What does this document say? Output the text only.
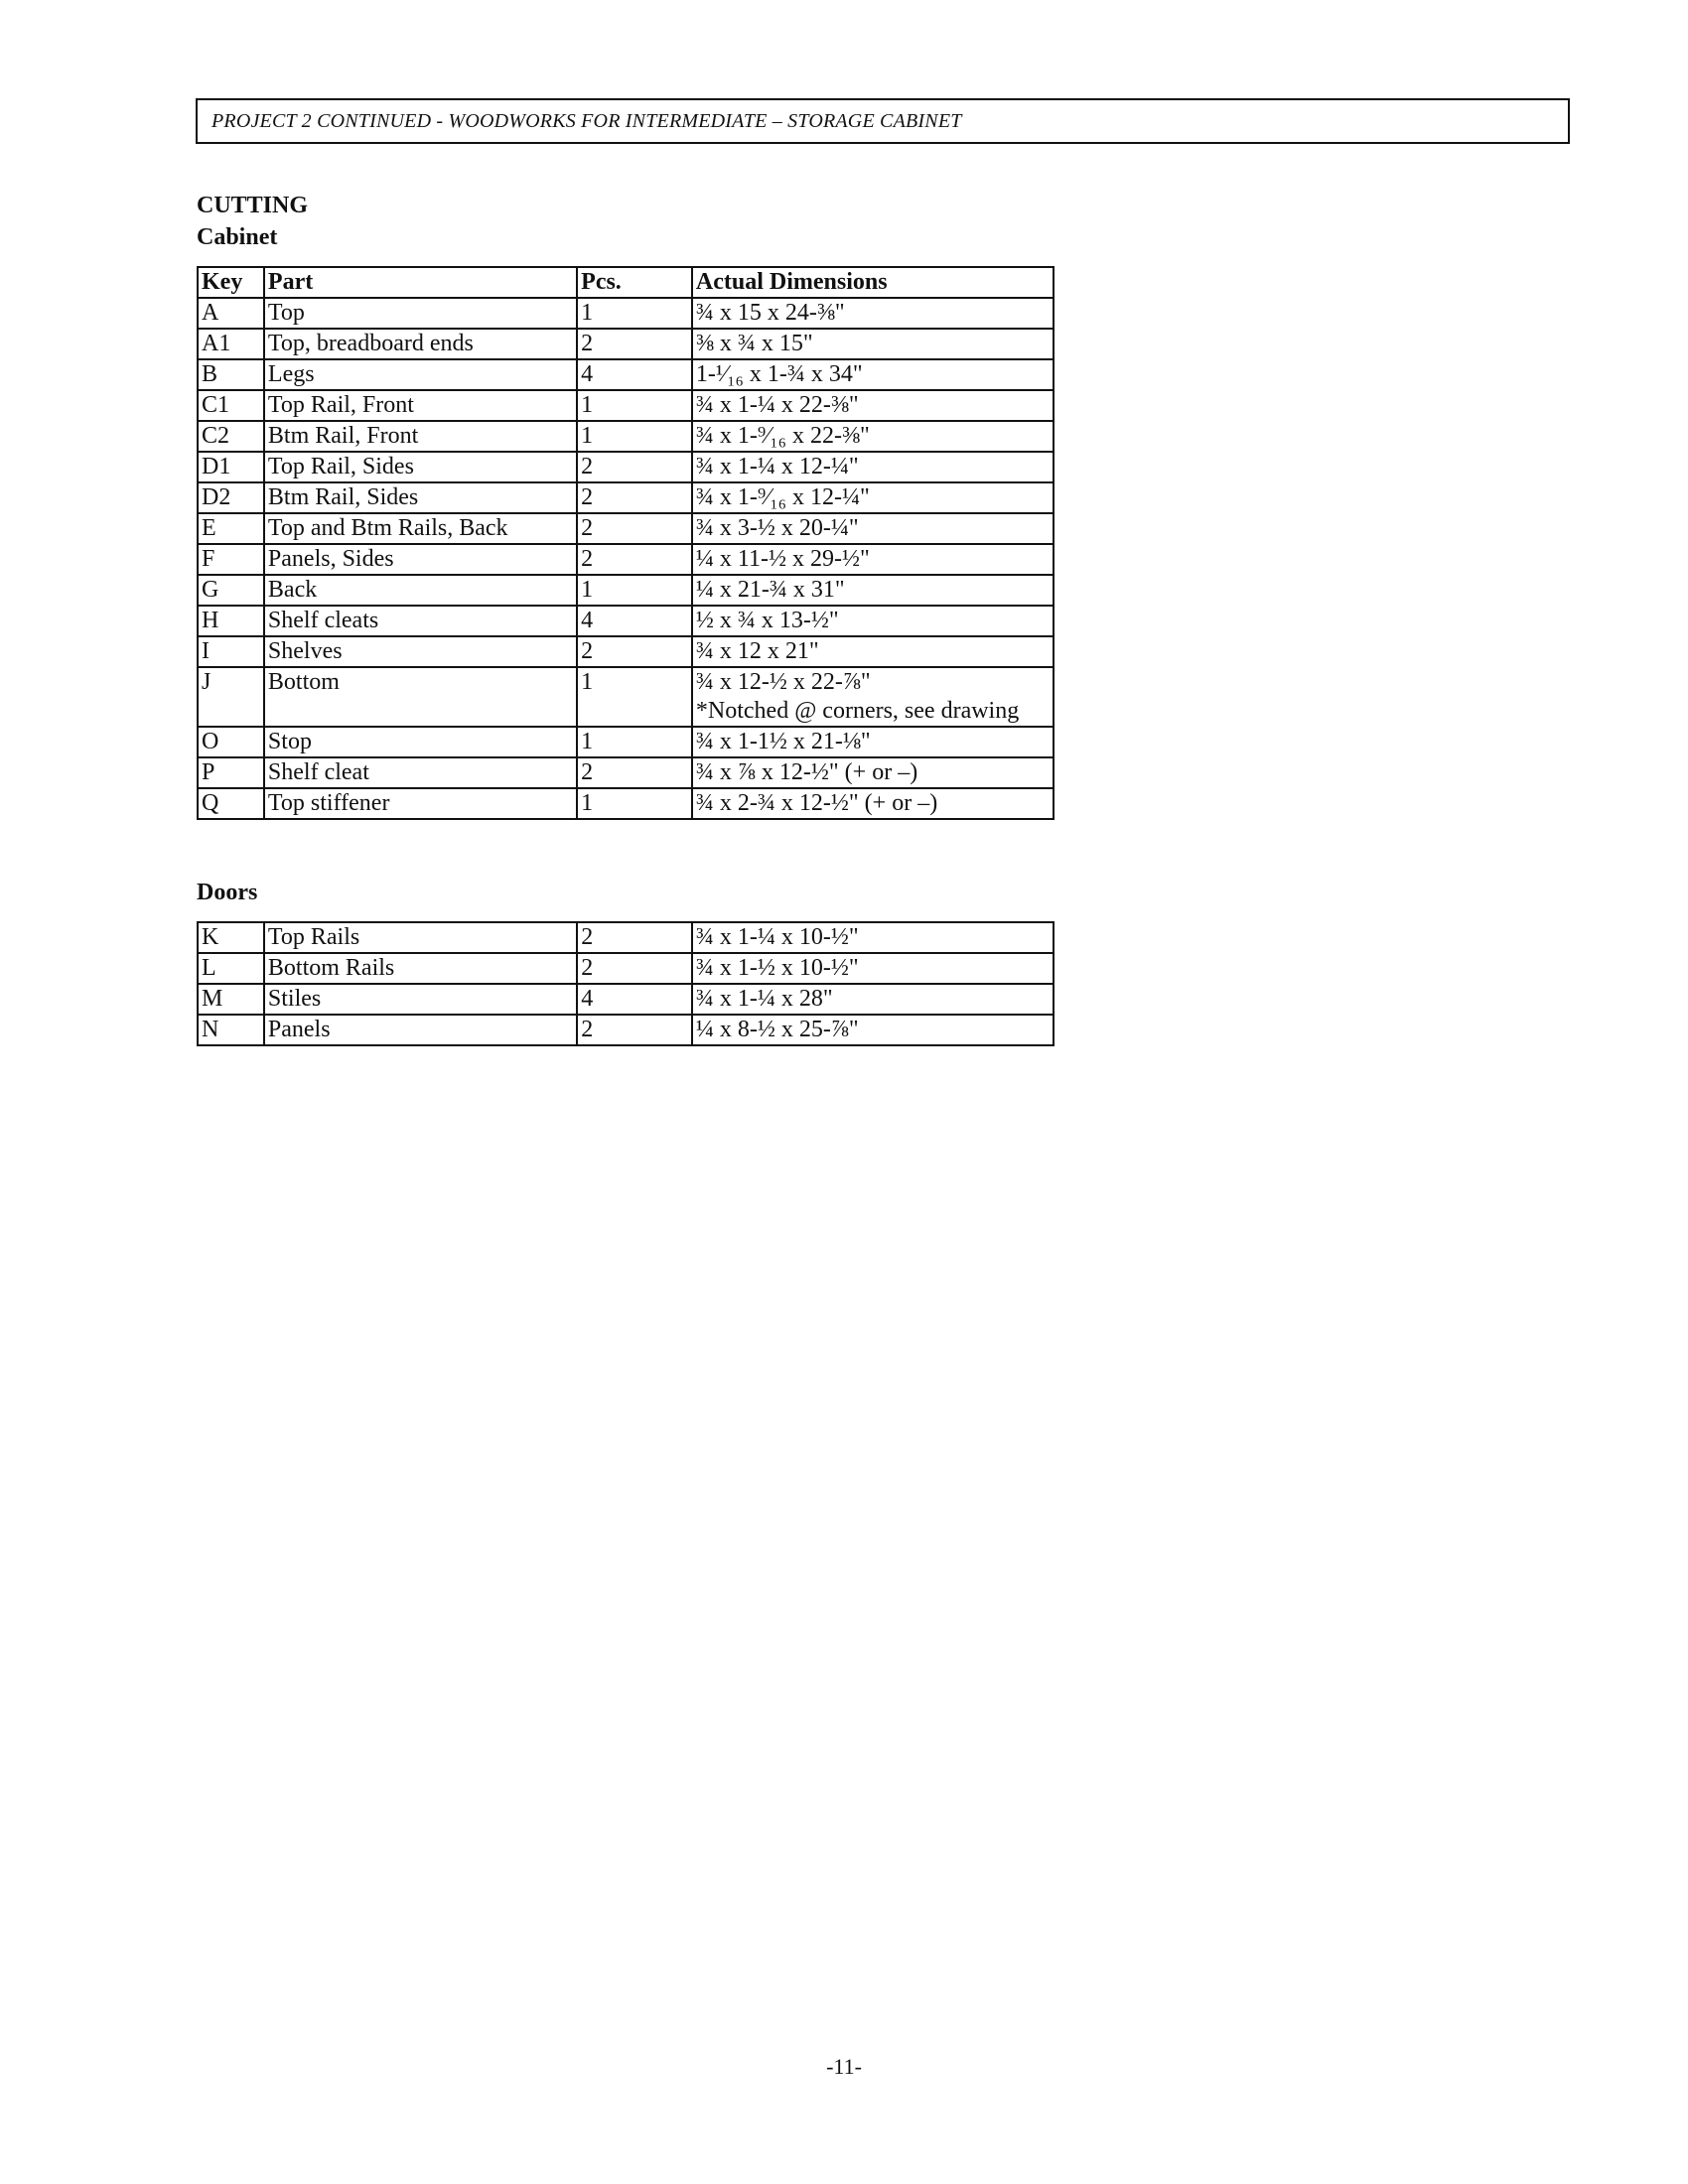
PROJECT 2 CONTINUED - WOODWORKS FOR INTERMEDIATE – STORAGE CABINET
CUTTING
Cabinet
Key	Part	Pcs.	Actual Dimensions
A	Top	1	¾ x 15 x 24-⅜"
A1	Top, breadboard ends	2	⅜ x ¾ x 15"
B	Legs	4	1-¹⁄₁₆ x 1-¾ x 34"
C1	Top Rail, Front	1	¾ x 1-¼ x 22-⅜"
C2	Btm Rail, Front	1	¾ x 1-⁹⁄₁₆ x 22-⅜"
D1	Top Rail, Sides	2	¾ x 1-¼ x 12-¼"
D2	Btm Rail, Sides	2	¾ x 1-⁹⁄₁₆ x 12-¼"
E	Top and Btm Rails, Back	2	¾ x 3-½ x 20-¼"
F	Panels, Sides	2	¼ x 11-½ x 29-½"
G	Back	1	¼ x 21-¾ x 31"
H	Shelf cleats	4	½ x ¾ x 13-½"
I	Shelves	2	¾ x 12 x 21"
J	Bottom	1	¾ x 12-½ x 22-⅞"
*Notched @ corners, see drawing

O	Stop	1	¾ x 1-1½ x 21-⅛"
P	Shelf cleat	2	¾ x ⅞ x 12-½" (+ or –)
Q	Top stiffener	1	¾ x 2-¾ x 12-½" (+ or –)
Doors
K	Top Rails	2	¾ x 1-¼ x 10-½"
L	Bottom Rails	2	¾ x 1-½ x 10-½"
M	Stiles	4	¾ x 1-¼ x 28"
N	Panels	2	¼ x 8-½ x 25-⅞"
-11-
